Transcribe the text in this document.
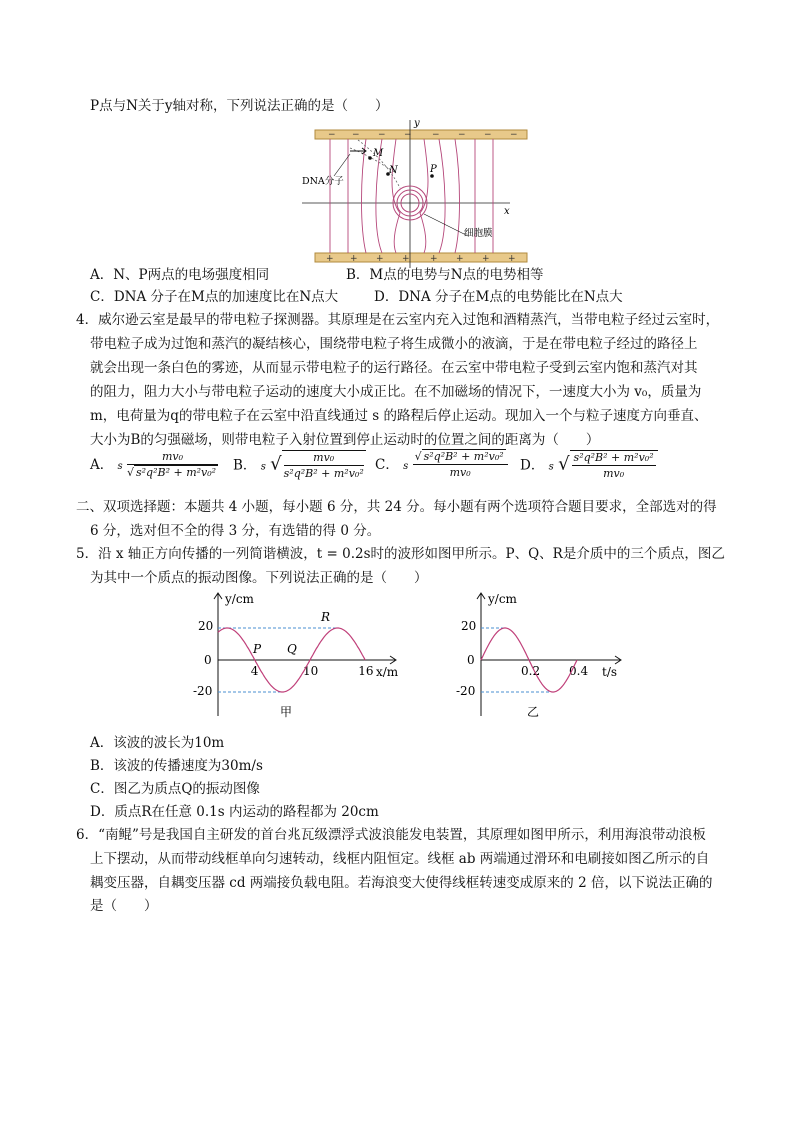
P点与N关于y轴对称，下列说法正确的是（　　）
− − − − − − − −
+ + + + + + + +
y
x
M
N	P
DNA分子
细胞膜
A．N、P两点的电场强度相同	B．M点的电势与N点的电势相等
C．DNA 分子在M点的加速度比在N点大	D．DNA 分子在M点的电势能比在N点大
4．威尔逊云室是最早的带电粒子探测器。其原理是在云室内充入过饱和酒精蒸汽，当带电粒子经过云室时，
带电粒子成为过饱和蒸汽的凝结核心，围绕带电粒子将生成微小的液滴，于是在带电粒子经过的路径上
就会出现一条白色的雾迹，从而显示带电粒子的运行路径。在云室中带电粒子受到云室内饱和蒸汽对其
的阻力，阻力大小与带电粒子运动的速度大小成正比。在不加磁场的情况下，一速度大小为 v₀，质量为
m，电荷量为q的带电粒子在云室中沿直线通过 s 的路程后停止运动。现加入一个与粒子速度方向垂直、
大小为B的匀强磁场，则带电粒子入射位置到停止运动时的位置之间的距离为（　　）
A． s $\frac{\text{mv₀}}{\text{√ s²q²B² + m²v₀²}}$ B． s √ $\frac{\text{mv₀}}{\text{s²q²B² + m²v₀²}}$ C． s $\frac{\text{√ s²q²B² + m²v₀²}}{\text{mv₀}}$ D． s √ $\frac{\text{s²q²B² + m²v₀²}}{\text{mv₀}}$
二、双项选择题：本题共 4 小题，每小题 6 分，共 24 分。每小题有两个选项符合题目要求，全部选对的得
6 分，选对但不全的得 3 分，有选错的得 0 分。
5．沿 x 轴正方向传播的一列简谐横波，t = 0.2s时的波形如图甲所示。P、Q、R是介质中的三个质点，图乙
为其中一个质点的振动图像。下列说法正确的是（　　）
y/cm
x/m
20
0
-20
4	10	16
P Q
R
甲
y/cm
t/s
20
0
-20
0.2 0.4
乙
A．该波的波长为10m
B．该波的传播速度为30m/s
C．图乙为质点Q的振动图像
D．质点R在任意 0.1s 内运动的路程都为 20cm
6．“南鲲”号是我国自主研发的首台兆瓦级漂浮式波浪能发电装置，其原理如图甲所示，利用海浪带动浪板
上下摆动，从而带动线框单向匀速转动，线框内阻恒定。线框 ab 两端通过滑环和电刷接如图乙所示的自
耦变压器，自耦变压器 cd 两端接负载电阻。若海浪变大使得线框转速变成原来的 2 倍，以下说法正确的
是（　　）
